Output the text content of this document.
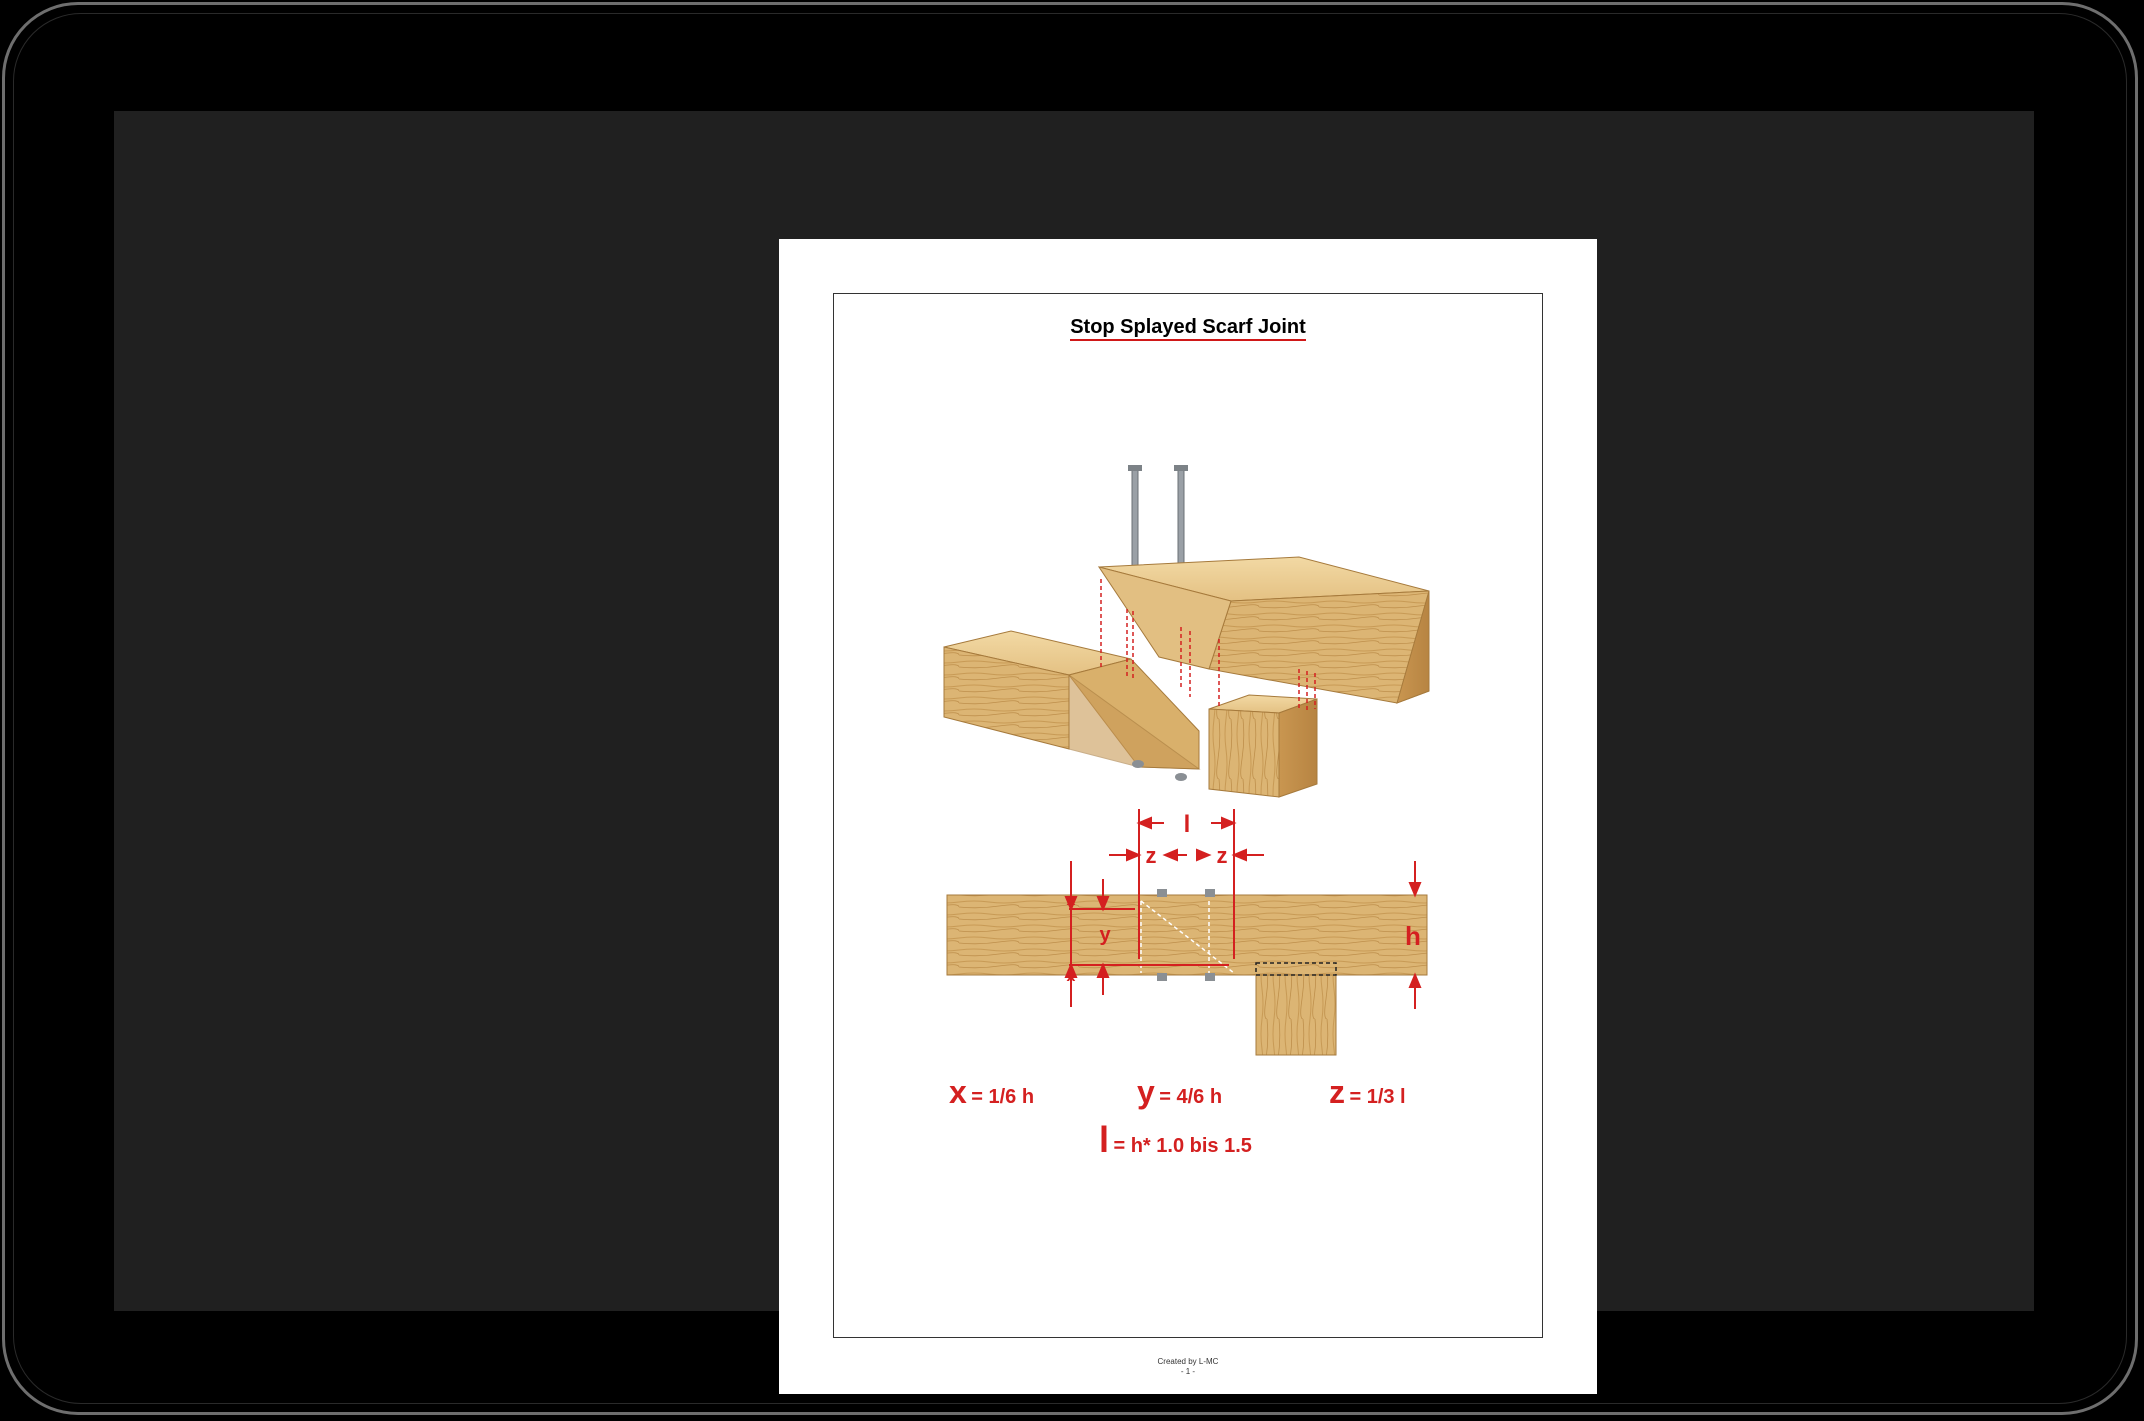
Stop Splayed Scarf Joint
l
z	z
x
x
y	h
x = 1/6 h	y = 4/6 h	z = 1/3 l
l = h* 1.0 bis 1.5
Created by L-MC
- 1 -
